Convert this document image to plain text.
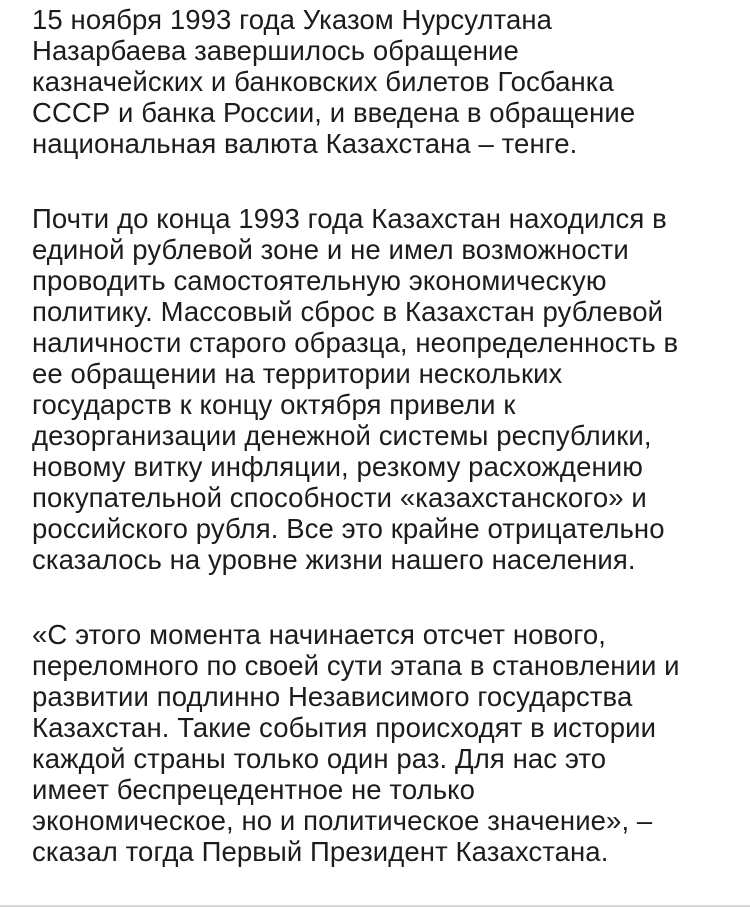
15 ноября 1993 года Указом Нурсултана
Назарбаева завершилось обращение
казначейских и банковских билетов Госбанка
СССР и банка России, и введена в обращение
национальная валюта Казахстана – тенге.

Почти до конца 1993 года Казахстан находился в
единой рублевой зоне и не имел возможности
проводить самостоятельную экономическую
политику. Массовый сброс в Казахстан рублевой
наличности старого образца, неопределенность в
ее обращении на территории нескольких
государств к концу октября привели к
дезорганизации денежной системы республики,
новому витку инфляции, резкому расхождению
покупательной способности «казахстанского» и
российского рубля. Все это крайне отрицательно
сказалось на уровне жизни нашего населения.

«С этого момента начинается отсчет нового,
переломного по своей сути этапа в становлении и
развитии подлинно Независимого государства
Казахстан. Такие события происходят в истории
каждой страны только один раз. Для нас это
имеет беспрецедентное не только
экономическое, но и политическое значение», –
сказал тогда Первый Президент Казахстана.
